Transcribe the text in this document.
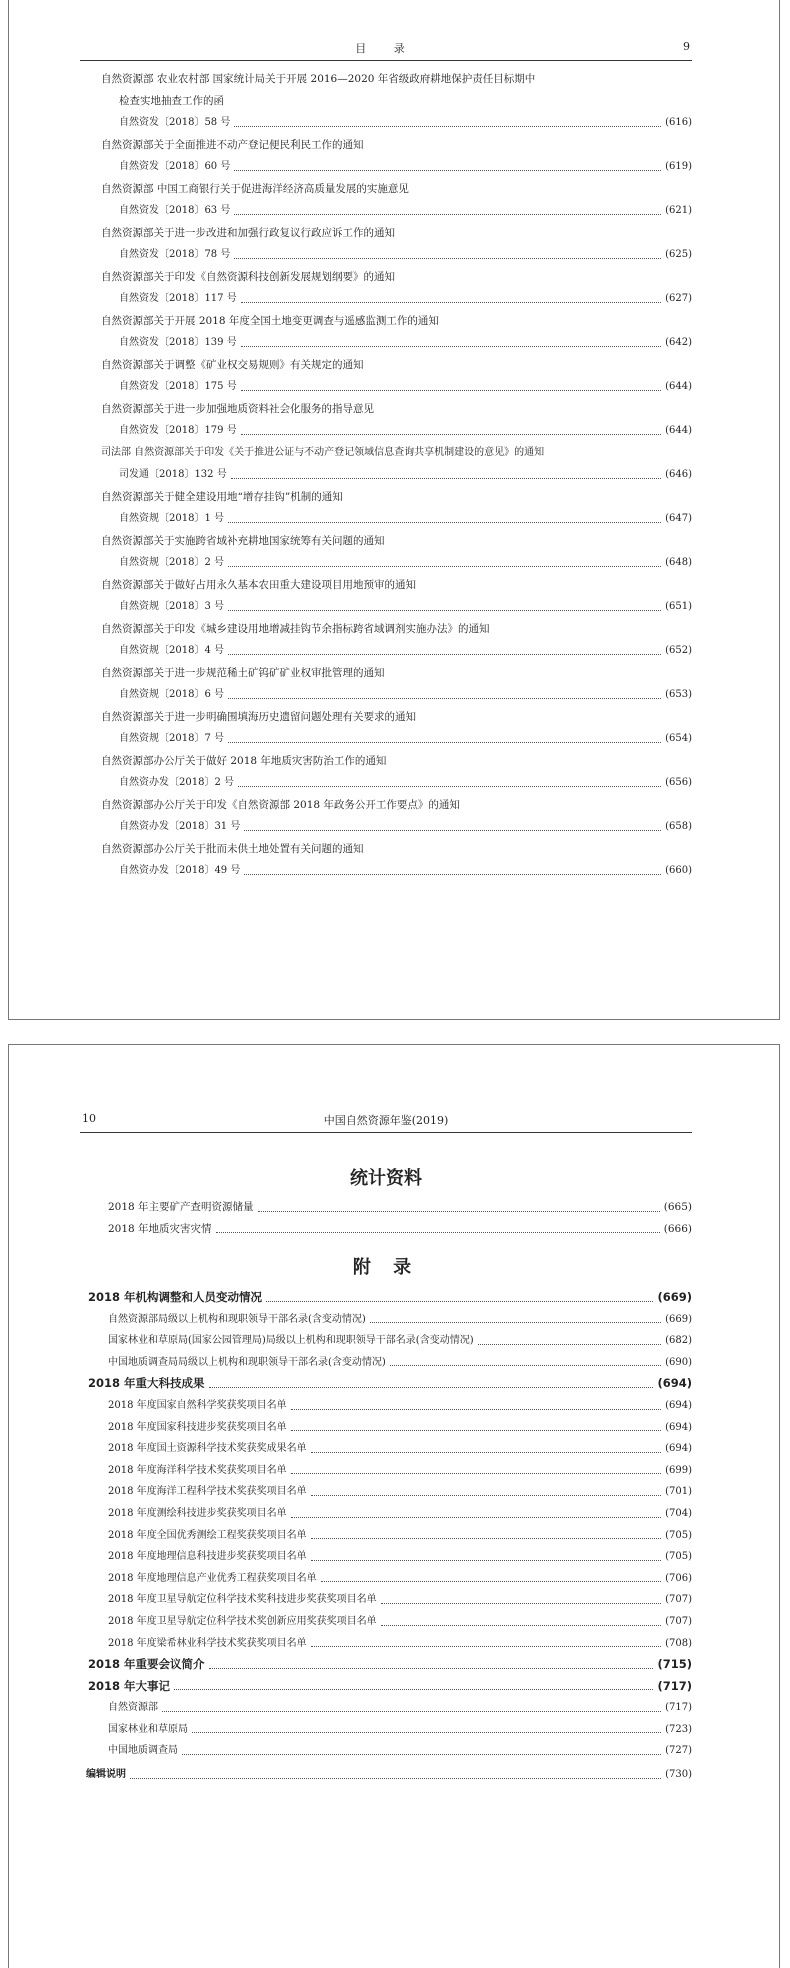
目 录	9
自然资源部 农业农村部 国家统计局关于开展 2016—2020 年省级政府耕地保护责任目标期中
检查实地抽查工作的函
自然资发〔2018〕58 号	(616)
自然资源部关于全面推进不动产登记便民利民工作的通知
自然资发〔2018〕60 号	(619)
自然资源部 中国工商银行关于促进海洋经济高质量发展的实施意见
自然资发〔2018〕63 号	(621)
自然资源部关于进一步改进和加强行政复议行政应诉工作的通知
自然资发〔2018〕78 号	(625)
自然资源部关于印发《自然资源科技创新发展规划纲要》的通知
自然资发〔2018〕117 号	(627)
自然资源部关于开展 2018 年度全国土地变更调查与遥感监测工作的通知
自然资发〔2018〕139 号	(642)
自然资源部关于调整《矿业权交易规则》有关规定的通知
自然资发〔2018〕175 号	(644)
自然资源部关于进一步加强地质资料社会化服务的指导意见
自然资发〔2018〕179 号	(644)
司法部 自然资源部关于印发《关于推进公证与不动产登记领域信息查询共享机制建设的意见》的通知
司发通〔2018〕132 号	(646)
自然资源部关于健全建设用地“增存挂钩”机制的通知
自然资规〔2018〕1 号	(647)
自然资源部关于实施跨省域补充耕地国家统筹有关问题的通知
自然资规〔2018〕2 号	(648)
自然资源部关于做好占用永久基本农田重大建设项目用地预审的通知
自然资规〔2018〕3 号	(651)
自然资源部关于印发《城乡建设用地增减挂钩节余指标跨省域调剂实施办法》的通知
自然资规〔2018〕4 号	(652)
自然资源部关于进一步规范稀土矿钨矿矿业权审批管理的通知
自然资规〔2018〕6 号	(653)
自然资源部关于进一步明确围填海历史遗留问题处理有关要求的通知
自然资规〔2018〕7 号	(654)
自然资源部办公厅关于做好 2018 年地质灾害防治工作的通知
自然资办发〔2018〕2 号	(656)
自然资源部办公厅关于印发《自然资源部 2018 年政务公开工作要点》的通知
自然资办发〔2018〕31 号	(658)
自然资源部办公厅关于批而未供土地处置有关问题的通知
自然资办发〔2018〕49 号	(660)
10	中国自然资源年鉴(2019)
统计资料
2018 年主要矿产查明资源储量	(665)
2018 年地质灾害灾情	(666)
附 录
2018 年机构调整和人员变动情况	(669)
自然资源部局级以上机构和现职领导干部名录(含变动情况)	(669)
国家林业和草原局(国家公园管理局)局级以上机构和现职领导干部名录(含变动情况)	(682)
中国地质调查局局级以上机构和现职领导干部名录(含变动情况)	(690)
2018 年重大科技成果	(694)
2018 年度国家自然科学奖获奖项目名单	(694)
2018 年度国家科技进步奖获奖项目名单	(694)
2018 年度国土资源科学技术奖获奖成果名单	(694)
2018 年度海洋科学技术奖获奖项目名单	(699)
2018 年度海洋工程科学技术奖获奖项目名单	(701)
2018 年度测绘科技进步奖获奖项目名单	(704)
2018 年度全国优秀测绘工程奖获奖项目名单	(705)
2018 年度地理信息科技进步奖获奖项目名单	(705)
2018 年度地理信息产业优秀工程获奖项目名单	(706)
2018 年度卫星导航定位科学技术奖科技进步奖获奖项目名单	(707)
2018 年度卫星导航定位科学技术奖创新应用奖获奖项目名单	(707)
2018 年度梁希林业科学技术奖获奖项目名单	(708)
2018 年重要会议简介	(715)
2018 年大事记	(717)
自然资源部	(717)
国家林业和草原局	(723)
中国地质调查局	(727)
编辑说明	(730)
